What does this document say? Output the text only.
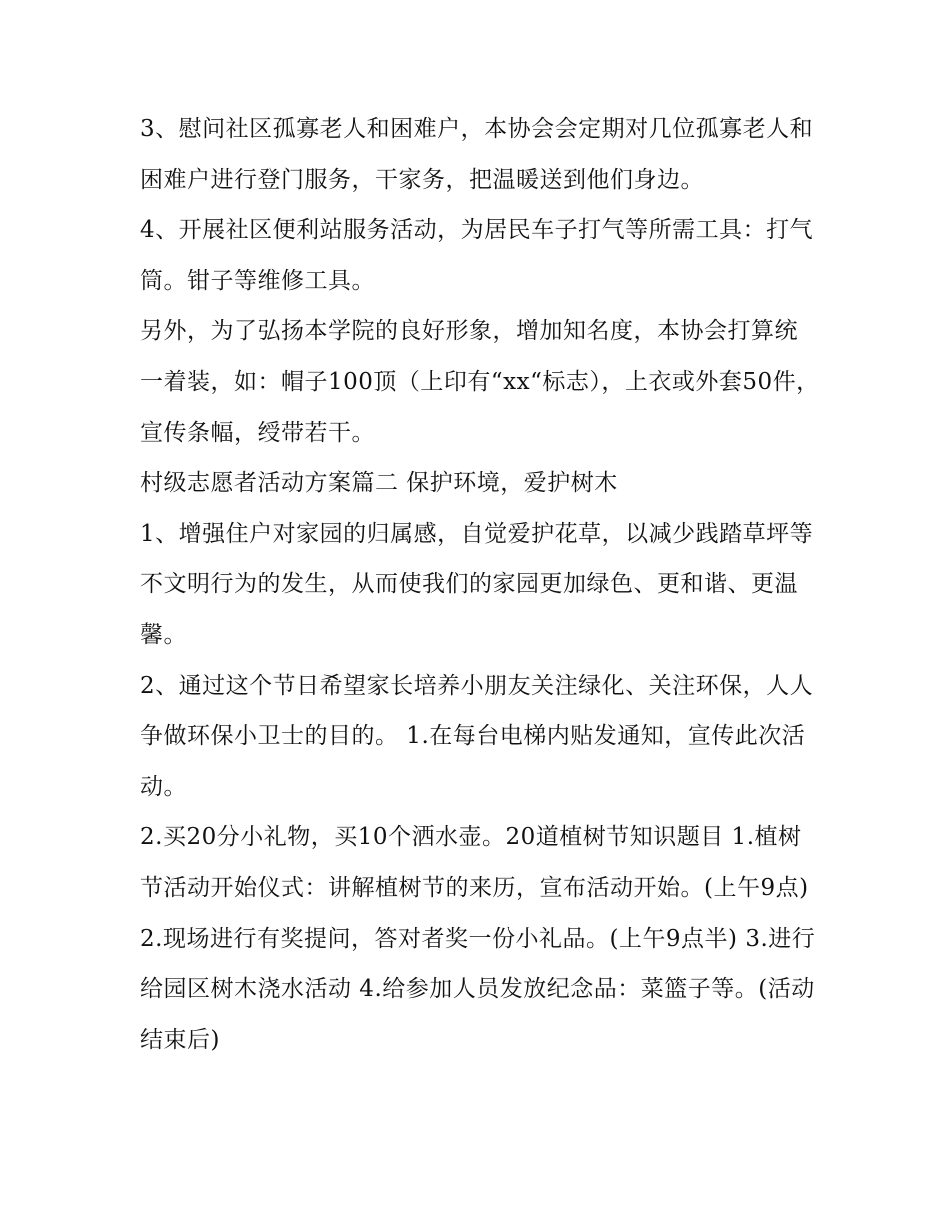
3、慰问社区孤寡老人和困难户，本协会会定期对几位孤寡老人和困难户进行登门服务，干家务，把温暖送到他们身边。

4、开展社区便利站服务活动，为居民车子打气等所需工具：打气筒。钳子等维修工具。

另外，为了弘扬本学院的良好形象，增加知名度，本协会打算统一着装，如：帽子100顶（上印有“xx“标志），上衣或外套50件，宣传条幅，绶带若干。

村级志愿者活动方案篇二 保护环境，爱护树木

1、增强住户对家园的归属感，自觉爱护花草，以减少践踏草坪等不文明行为的发生，从而使我们的家园更加绿色、更和谐、更温馨。

2、通过这个节日希望家长培养小朋友关注绿化、关注环保，人人争做环保小卫士的目的。 1.在每台电梯内贴发通知，宣传此次活动。

2.买20分小礼物，买10个洒水壶。20道植树节知识题目 1.植树节活动开始仪式：讲解植树节的来历，宣布活动开始。(上午9点)

2.现场进行有奖提问，答对者奖一份小礼品。(上午9点半) 3.进行给园区树木浇水活动 4.给参加人员发放纪念品：菜篮子等。(活动结束后)
